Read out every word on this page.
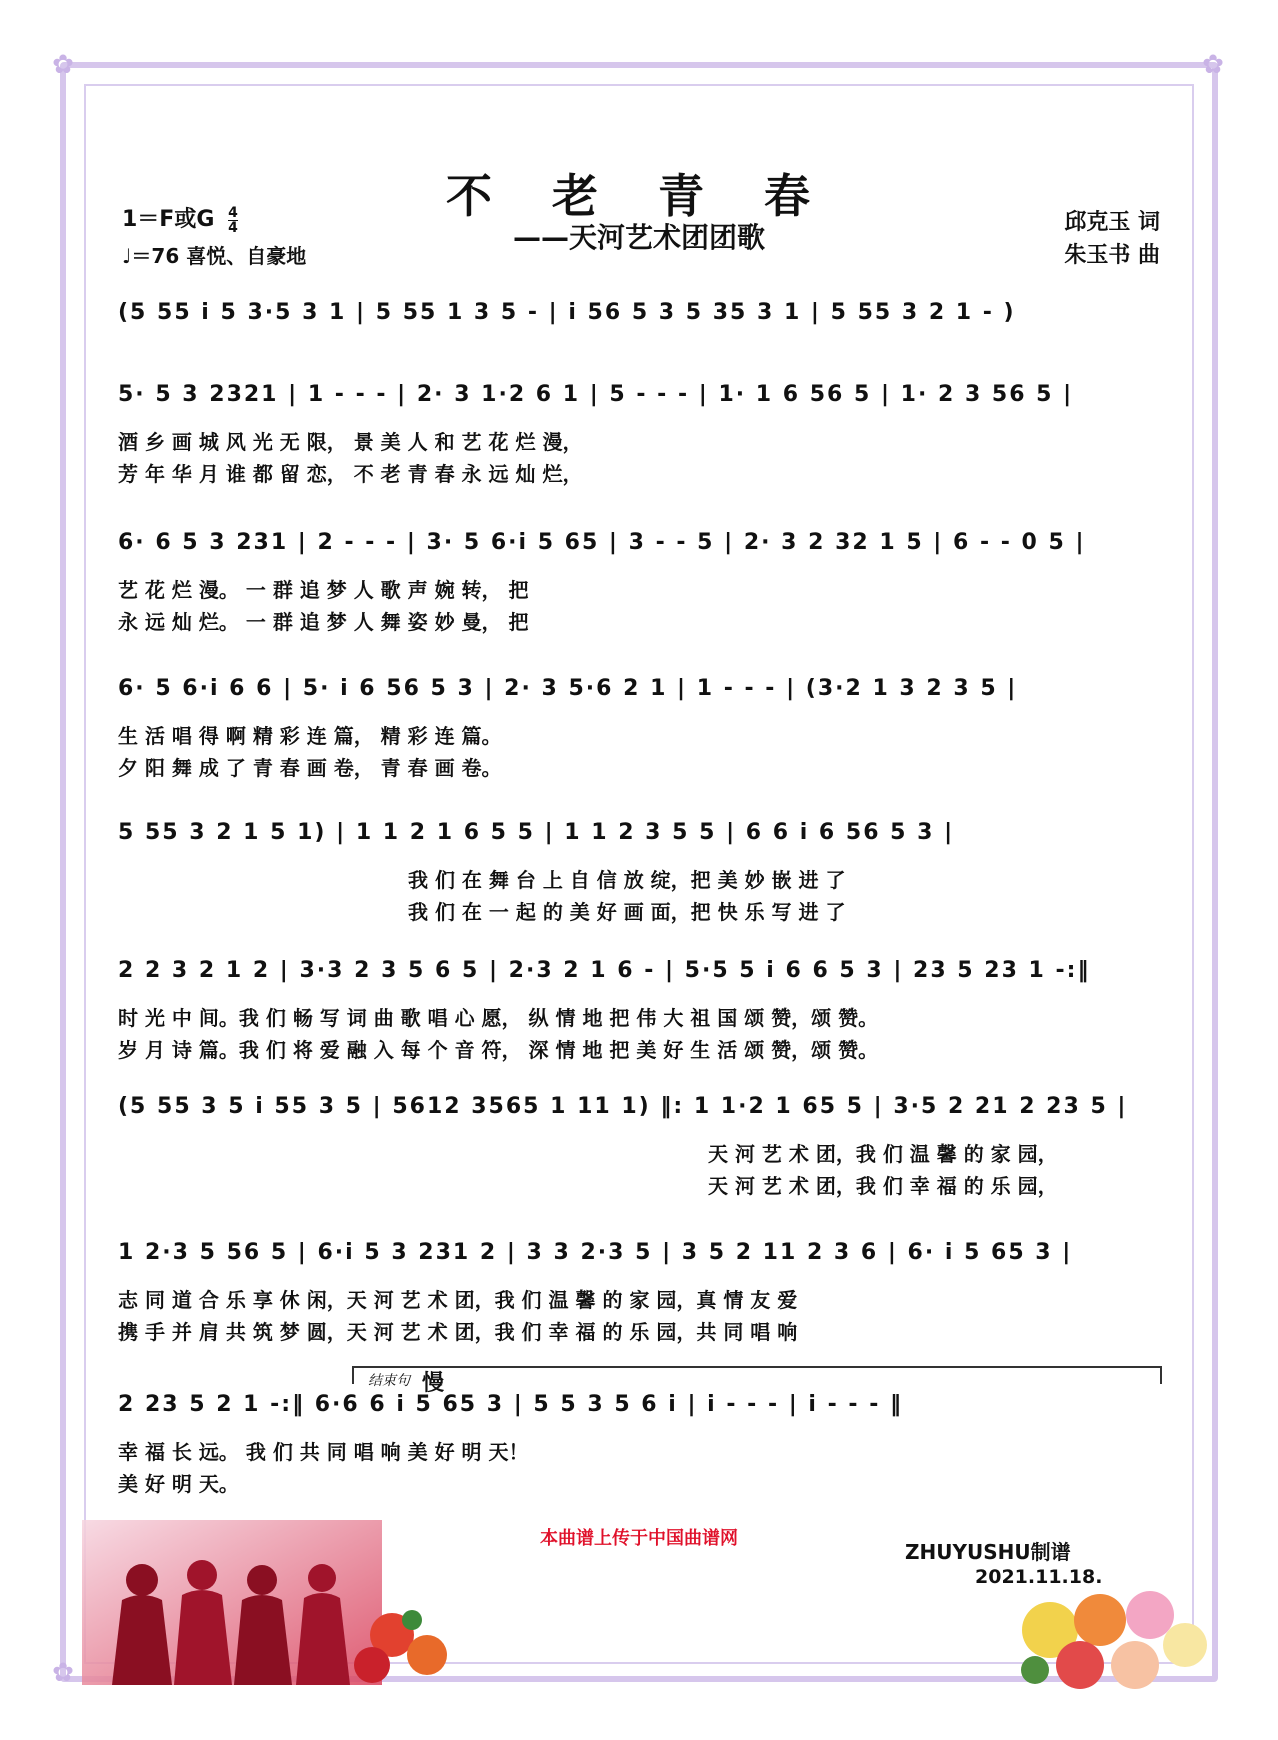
✿	✿
✿
不 老 青 春
——天河艺术团团歌
1＝F或G $\frac{4}{4}$
♩＝76 喜悦、自豪地
邱克玉 词
朱玉书 曲
(5 55 i 5 3·5 3 1 | 5 55 1 3 5 - | i 56 5 3 5 35 3 1 | 5 55 3 2 1 - )
5· 5 3 2321 | 1 - - - | 2· 3 1·2 6 1 | 5 - - - | 1· 1 6 56 5 | 1· 2 3 56 5 |
酒 乡 画 城 风 光 无 限， 景 美 人 和 艺 花 烂 漫，
芳 年 华 月 谁 都 留 恋， 不 老 青 春 永 远 灿 烂，
6· 6 5 3 231 | 2 - - - | 3· 5 6·i 5 65 | 3 - - 5 | 2· 3 2 32 1 5 | 6 - - 0 5 |
艺 花 烂 漫。 一 群 追 梦 人 歌 声 婉 转， 把
永 远 灿 烂。 一 群 追 梦 人 舞 姿 妙 曼， 把
6· 5 6·i 6 6 | 5· i 6 56 5 3 | 2· 3 5·6 2 1 | 1 - - - | (3·2 1 3 2 3 5 |
生 活 唱 得 啊 精 彩 连 篇， 精 彩 连 篇。
夕 阳 舞 成 了 青 春 画 卷， 青 春 画 卷。
5 55 3 2 1 5 1) | 1 1 2 1 6 5 5 | 1 1 2 3 5 5 | 6 6 i 6 56 5 3 |
我 们 在 舞 台 上 自 信 放 绽，把 美 妙 嵌 进 了
我 们 在 一 起 的 美 好 画 面，把 快 乐 写 进 了
2 2 3 2 1 2 | 3·3 2 3 5 6 5 | 2·3 2 1 6 - | 5·5 5 i 6 6 5 3 | 23 5 23 1 -:‖
时 光 中 间。我 们 畅 写 词 曲 歌 唱 心 愿， 纵 情 地 把 伟 大 祖 国 颂 赞，颂 赞。
岁 月 诗 篇。我 们 将 爱 融 入 每 个 音 符， 深 情 地 把 美 好 生 活 颂 赞，颂 赞。
(5 55 3 5 i 55 3 5 | 5612 3565 1 11 1) ‖: 1 1·2 1 65 5 | 3·5 2 21 2 23 5 |
天 河 艺 术 团，我 们 温 馨 的 家 园，
天 河 艺 术 团，我 们 幸 福 的 乐 园，
1 2·3 5 56 5 | 6·i 5 3 231 2 | 3 3 2·3 5 | 3 5 2 11 2 3 6 | 6· i 5 65 3 |
志 同 道 合 乐 享 休 闲，天 河 艺 术 团，我 们 温 馨 的 家 园，真 情 友 爱
携 手 并 肩 共 筑 梦 圆，天 河 艺 术 团，我 们 幸 福 的 乐 园，共 同 唱 响
结束句 慢
2 23 5 2 1 -:‖ 6·6 6 i 5 65 3 | 5 5 3 5 6 i | i - - - | i - - - ‖
幸 福 长 远。 我 们 共 同 唱 响 美 好 明 天！
美 好 明 天。
本曲谱上传于中国曲谱网
ZHUYUSHU制谱
2021.11.18.
